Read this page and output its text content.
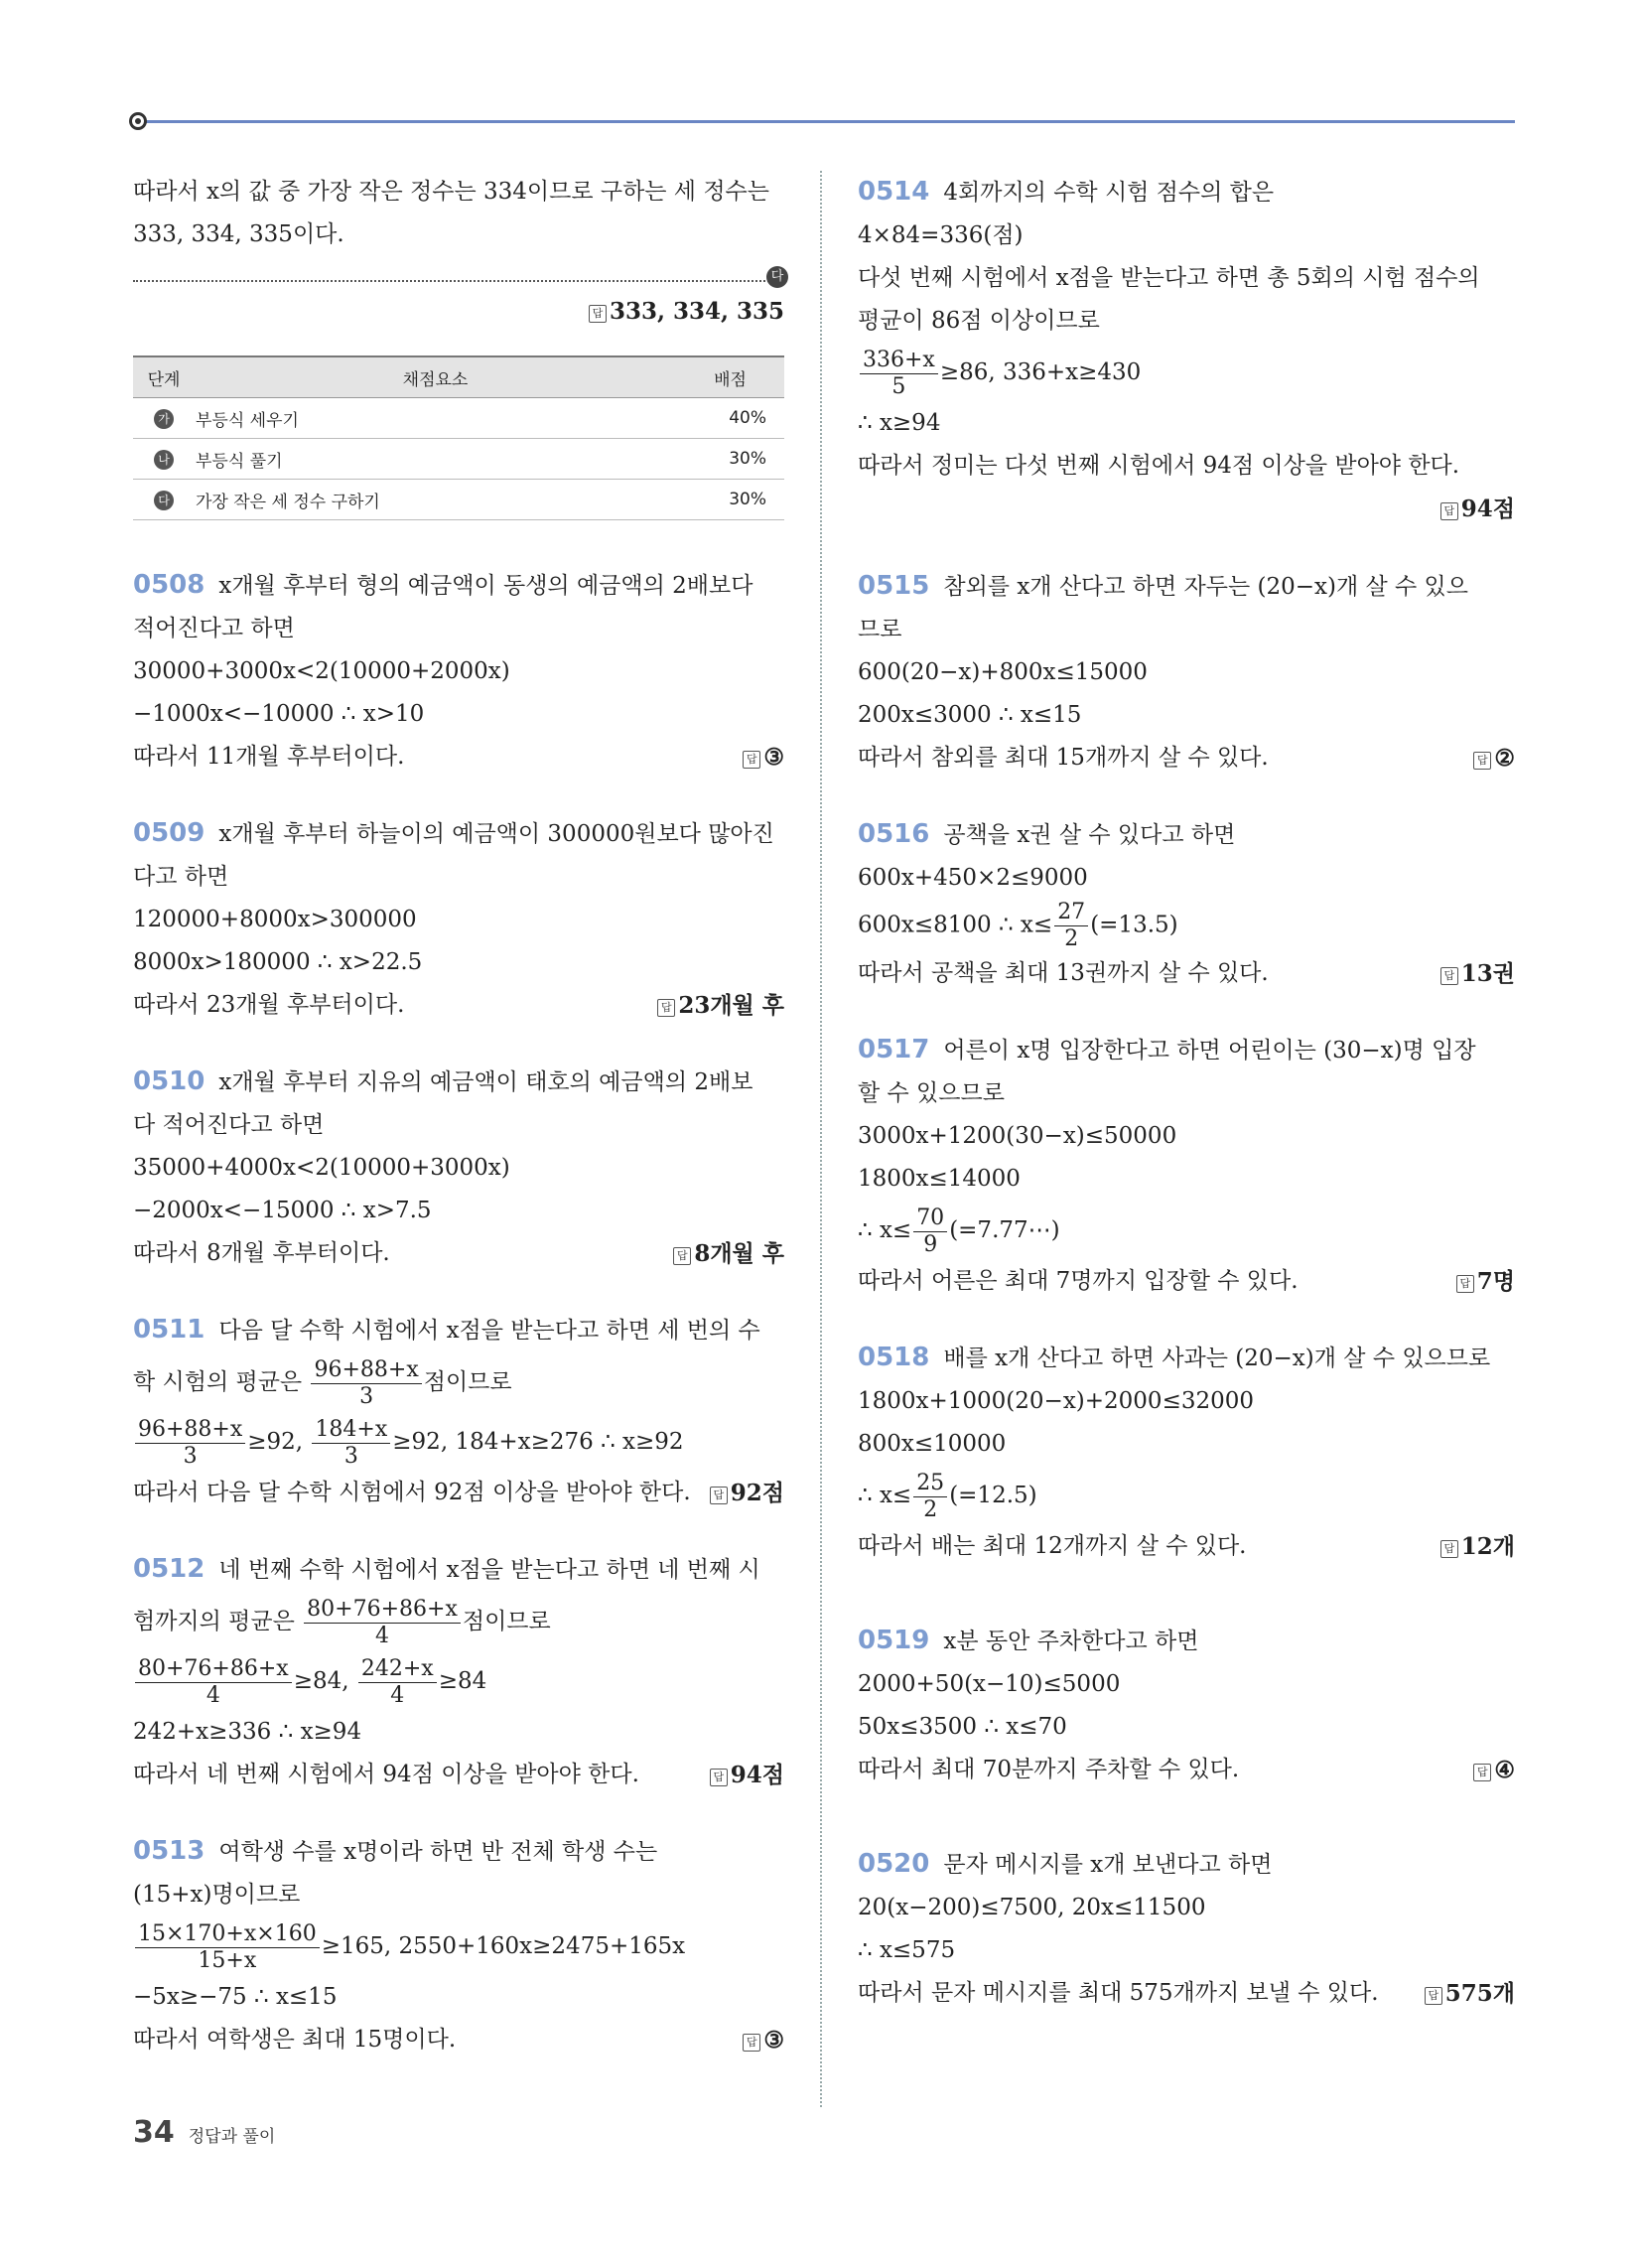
따라서 x의 값 중 가장 작은 정수는 334이므로 구하는 세 정수는
333, 334, 335이다.
다
답 333, 334, 335
단계	채점요소	배점
가	부등식 세우기	40%
나	부등식 풀기	30%
다	가장 작은 세 정수 구하기	30%
0508 x개월 후부터 형의 예금액이 동생의 예금액의 2배보다
적어진다고 하면
30000+3000x<2(10000+2000x)
−1000x<−10000 ∴ x>10
따라서 11개월 후부터이다.	답 ③
0509 x개월 후부터 하늘이의 예금액이 300000원보다 많아진
다고 하면
120000+8000x>300000
8000x>180000 ∴ x>22.5
따라서 23개월 후부터이다.	답 23개월 후
0510 x개월 후부터 지유의 예금액이 태호의 예금액의 2배보
다 적어진다고 하면
35000+4000x<2(10000+3000x)
−2000x<−15000 ∴ x>7.5
따라서 8개월 후부터이다.	답 8개월 후
0511 다음 달 수학 시험에서 x점을 받는다고 하면 세 번의 수
학 시험의 평균은 $\frac{96+88+x}{3}$ 점이므로
$\frac{96+88+x}{3} \ge 92$, $\frac{184+x}{3} \ge 92$, 184+x≥276 ∴ x≥92
따라서 다음 달 수학 시험에서 92점 이상을 받아야 한다.	답 92점
0512 네 번째 수학 시험에서 x점을 받는다고 하면 네 번째 시
험까지의 평균은 $\frac{80+76+86+x}{4}$ 점이므로
$\frac{80+76+86+x}{4} \ge 84$, $\frac{242+x}{4} \ge 84$
242+x≥336 ∴ x≥94
따라서 네 번째 시험에서 94점 이상을 받아야 한다.	답 94점
0513 여학생 수를 x명이라 하면 반 전체 학생 수는
(15+x)명이므로
$\frac{15\times 170+x\times 160}{15+x} \ge 165$, 2550+160x≥2475+165x
−5x≥−75 ∴ x≤15
따라서 여학생은 최대 15명이다.	답 ③
0514 4회까지의 수학 시험 점수의 합은
4×84=336(점)
다섯 번째 시험에서 x점을 받는다고 하면 총 5회의 시험 점수의
평균이 86점 이상이므로
$\frac{336+x}{5} \ge 86$, 336+x≥430
∴ x≥94
따라서 정미는 다섯 번째 시험에서 94점 이상을 받아야 한다.
답 94점
0515 참외를 x개 산다고 하면 자두는 (20−x)개 살 수 있으
므로
600(20−x)+800x≤15000
200x≤3000 ∴ x≤15
따라서 참외를 최대 15개까지 살 수 있다.	답 ②
0516 공책을 x권 살 수 있다고 하면
600x+450×2≤9000
600x≤8100 ∴ $x\le \frac{27}{2} (=13.5)$
따라서 공책을 최대 13권까지 살 수 있다.	답 13권
0517 어른이 x명 입장한다고 하면 어린이는 (30−x)명 입장
할 수 있으므로
3000x+1200(30−x)≤50000
1800x≤14000
∴ $x\le \frac{70}{9}$ (=7.77⋯)
따라서 어른은 최대 7명까지 입장할 수 있다.	답 7명
0518 배를 x개 산다고 하면 사과는 (20−x)개 살 수 있으므로
1800x+1000(20−x)+2000≤32000
800x≤10000
∴ $x\le \frac{25}{2} (=12.5)$
따라서 배는 최대 12개까지 살 수 있다.	답 12개
0519 x분 동안 주차한다고 하면
2000+50(x−10)≤5000
50x≤3500 ∴ x≤70
따라서 최대 70분까지 주차할 수 있다.	답 ④
0520 문자 메시지를 x개 보낸다고 하면
20(x−200)≤7500, 20x≤11500
∴ x≤575
따라서 문자 메시지를 최대 575개까지 보낼 수 있다.	답 575개
34 정답과 풀이
